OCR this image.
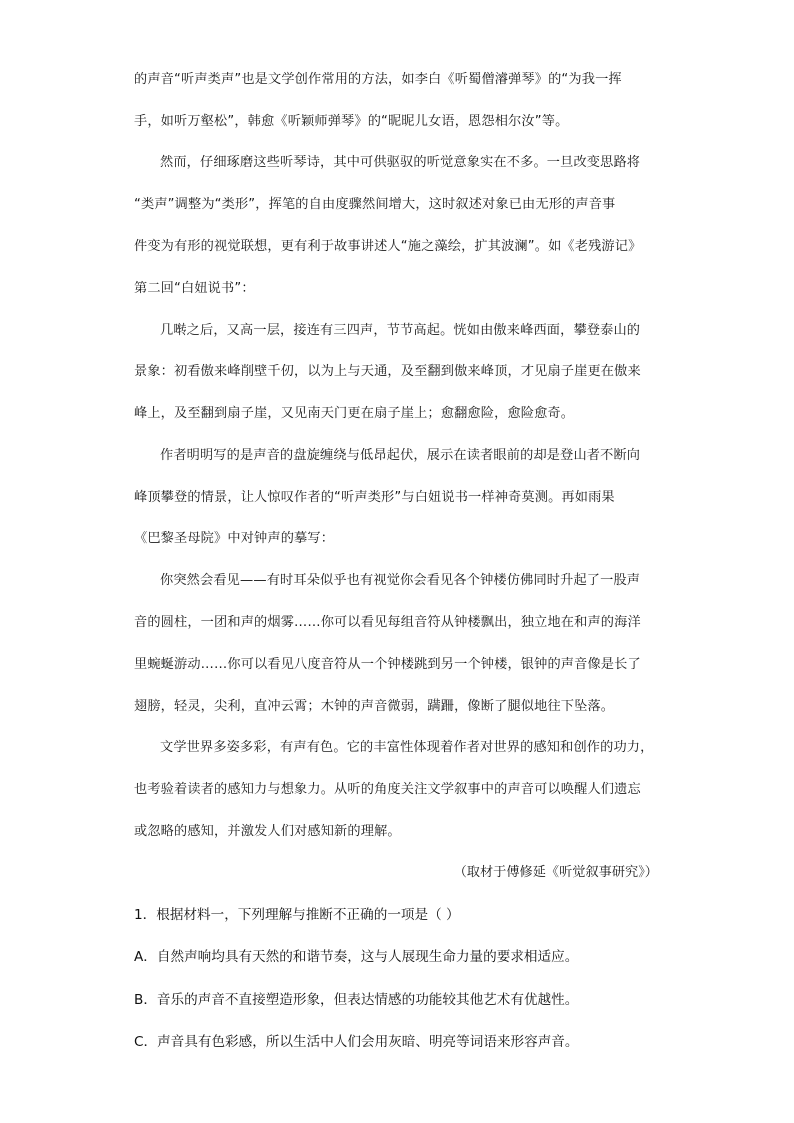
的声音“听声类声”也是文学创作常用的方法，如李白《听蜀僧濬弹琴》的“为我一挥
手，如听万壑松”，韩愈《听颖师弹琴》的“昵昵儿女语，恩怨相尔汝”等。
然而，仔细琢磨这些听琴诗，其中可供驱驭的听觉意象实在不多。一旦改变思路将
“类声”调整为“类形”，挥笔的自由度骤然间增大，这时叙述对象已由无形的声音事
件变为有形的视觉联想，更有利于故事讲述人“施之藻绘，扩其波澜”。如《老残游记》
第二回“白妞说书”：
几啭之后，又高一层，接连有三四声，节节高起。恍如由傲来峰西面，攀登泰山的
景象：初看傲来峰削壁千仞，以为上与天通，及至翻到傲来峰顶，才见扇子崖更在傲来
峰上，及至翻到扇子崖，又见南天门更在扇子崖上；愈翻愈险，愈险愈奇。
作者明明写的是声音的盘旋缠绕与低昂起伏，展示在读者眼前的却是登山者不断向
峰顶攀登的情景，让人惊叹作者的“听声类形”与白妞说书一样神奇莫测。再如雨果
《巴黎圣母院》中对钟声的摹写：
你突然会看见——有时耳朵似乎也有视觉你会看见各个钟楼仿佛同时升起了一股声
音的圆柱，一团和声的烟雾……你可以看见每组音符从钟楼飘出，独立地在和声的海洋
里蜿蜒游动……你可以看见八度音符从一个钟楼跳到另一个钟楼，银钟的声音像是长了
翅膀，轻灵，尖利，直冲云霄；木钟的声音微弱，蹒跚，像断了腿似地往下坠落。
文学世界多姿多彩，有声有色。它的丰富性体现着作者对世界的感知和创作的功力，
也考验着读者的感知力与想象力。从听的角度关注文学叙事中的声音可以唤醒人们遗忘
或忽略的感知，并激发人们对感知新的理解。
（取材于傅修延《听觉叙事研究》）
1．根据材料一，下列理解与推断不正确的一项是（ ）
A．自然声响均具有天然的和谐节奏，这与人展现生命力量的要求相适应。
B．音乐的声音不直接塑造形象，但表达情感的功能较其他艺术有优越性。
C．声音具有色彩感，所以生活中人们会用灰暗、明亮等词语来形容声音。
